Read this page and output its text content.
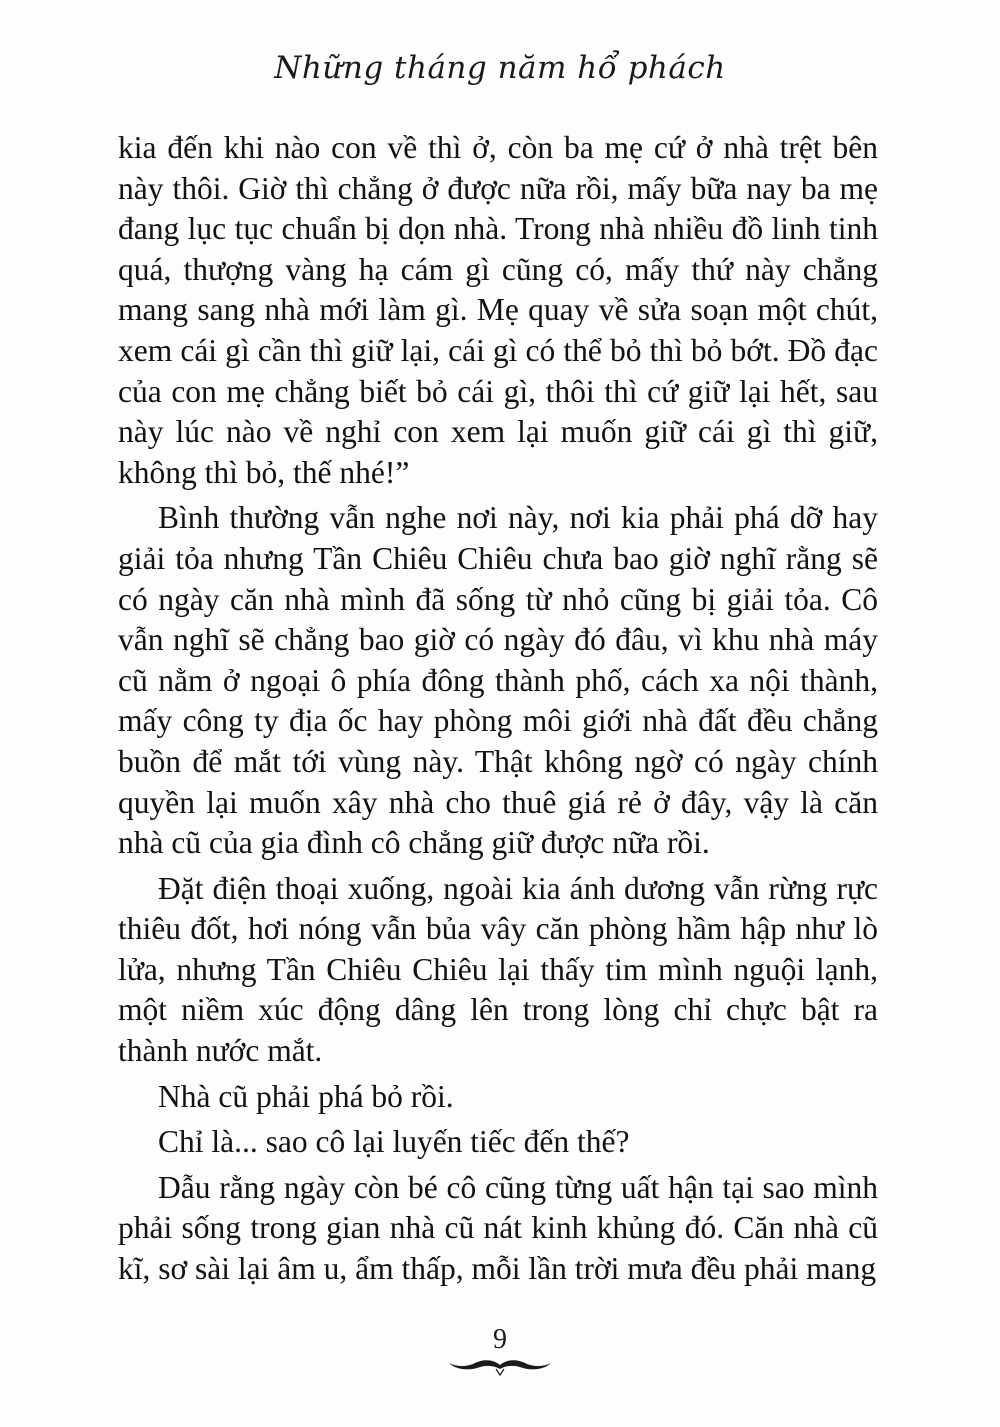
Những tháng năm hổ phách

kia đến khi nào con về thì ở, còn ba mẹ cứ ở nhà trệt bên này thôi. Giờ thì chẳng ở được nữa rồi, mấy bữa nay ba mẹ đang lục tục chuẩn bị dọn nhà. Trong nhà nhiều đồ linh tinh quá, thượng vàng hạ cám gì cũng có, mấy thứ này chẳng mang sang nhà mới làm gì. Mẹ quay về sửa soạn một chút, xem cái gì cần thì giữ lại, cái gì có thể bỏ thì bỏ bớt. Đồ đạc của con mẹ chẳng biết bỏ cái gì, thôi thì cứ giữ lại hết, sau này lúc nào về nghỉ con xem lại muốn giữ cái gì thì giữ, không thì bỏ, thế nhé!”

Bình thường vẫn nghe nơi này, nơi kia phải phá dỡ hay giải tỏa nhưng Tần Chiêu Chiêu chưa bao giờ nghĩ rằng sẽ có ngày căn nhà mình đã sống từ nhỏ cũng bị giải tỏa. Cô vẫn nghĩ sẽ chẳng bao giờ có ngày đó đâu, vì khu nhà máy cũ nằm ở ngoại ô phía đông thành phố, cách xa nội thành, mấy công ty địa ốc hay phòng môi giới nhà đất đều chẳng buồn để mắt tới vùng này. Thật không ngờ có ngày chính quyền lại muốn xây nhà cho thuê giá rẻ ở đây, vậy là căn nhà cũ của gia đình cô chẳng giữ được nữa rồi.

Đặt điện thoại xuống, ngoài kia ánh dương vẫn rừng rực thiêu đốt, hơi nóng vẫn bủa vây căn phòng hầm hập như lò lửa, nhưng Tần Chiêu Chiêu lại thấy tim mình nguội lạnh, một niềm xúc động dâng lên trong lòng chỉ chực bật ra thành nước mắt.

Nhà cũ phải phá bỏ rồi.

Chỉ là... sao cô lại luyến tiếc đến thế?

Dẫu rằng ngày còn bé cô cũng từng uất hận tại sao mình phải sống trong gian nhà cũ nát kinh khủng đó. Căn nhà cũ kĩ, sơ sài lại âm u, ẩm thấp, mỗi lần trời mưa đều phải mang

9
